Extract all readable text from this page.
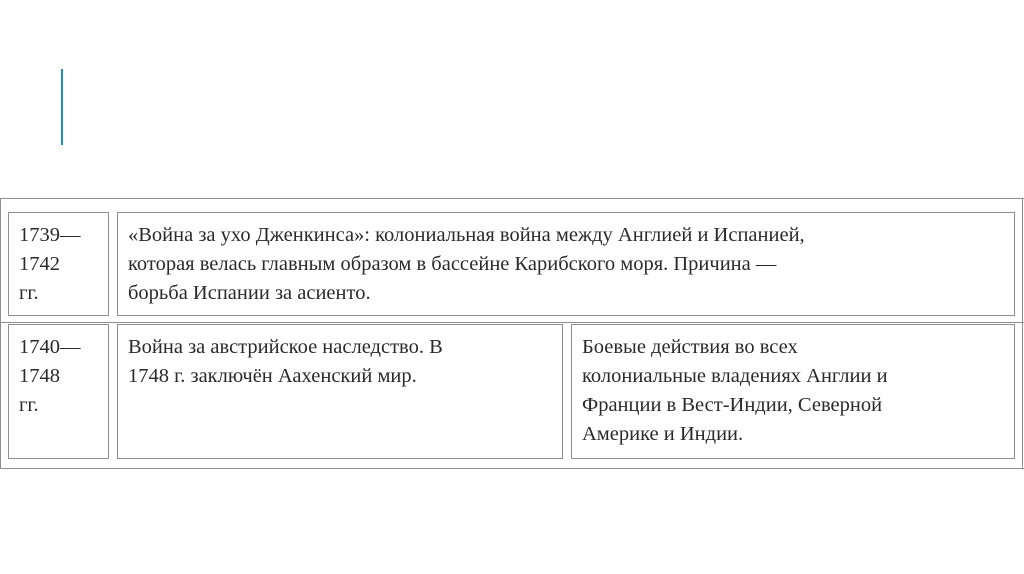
1739—
1742
гг.
«Война за ухо Дженкинса»: колониальная война между Англией и Испанией,
которая велась главным образом в бассейне Карибского моря. Причина —
борьба Испании за асиенто.
1740—
1748
гг.
Война за австрийское наследство. В
1748 г. заключён Аахенский мир.
Боевые действия во всех
колониальные владениях Англии и
Франции в Вест-Индии, Северной
Америке и Индии.
